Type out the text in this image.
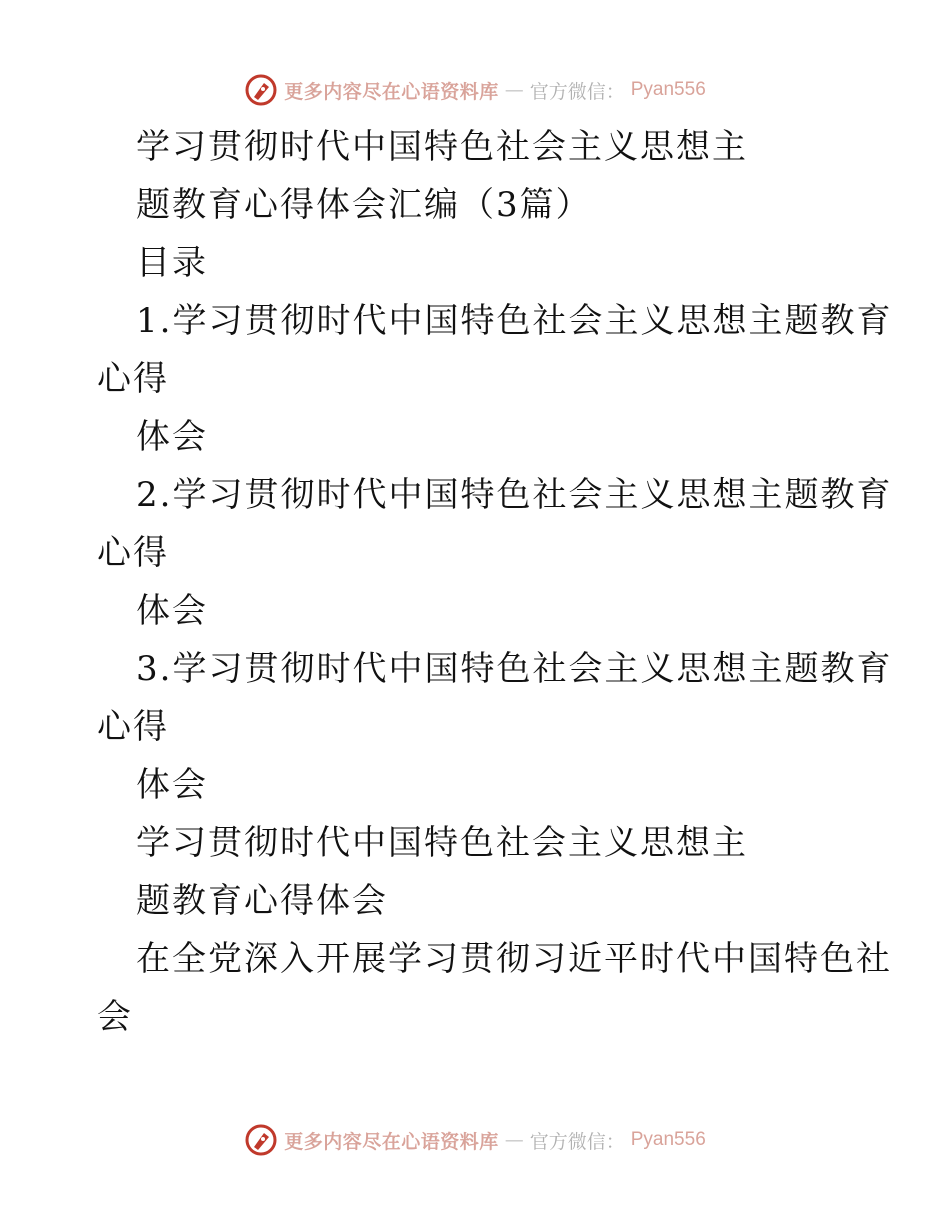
更多内容尽在心语资料库 — 官方微信： Pyan556
学习贯彻时代中国特色社会主义思想主
题教育心得体会汇编（3篇）
目录
1.学习贯彻时代中国特色社会主义思想主题教育
心得
体会
2.学习贯彻时代中国特色社会主义思想主题教育
心得
体会
3.学习贯彻时代中国特色社会主义思想主题教育
心得
体会
学习贯彻时代中国特色社会主义思想主
题教育心得体会
在全党深入开展学习贯彻习近平时代中国特色社
会
更多内容尽在心语资料库 — 官方微信： Pyan556
